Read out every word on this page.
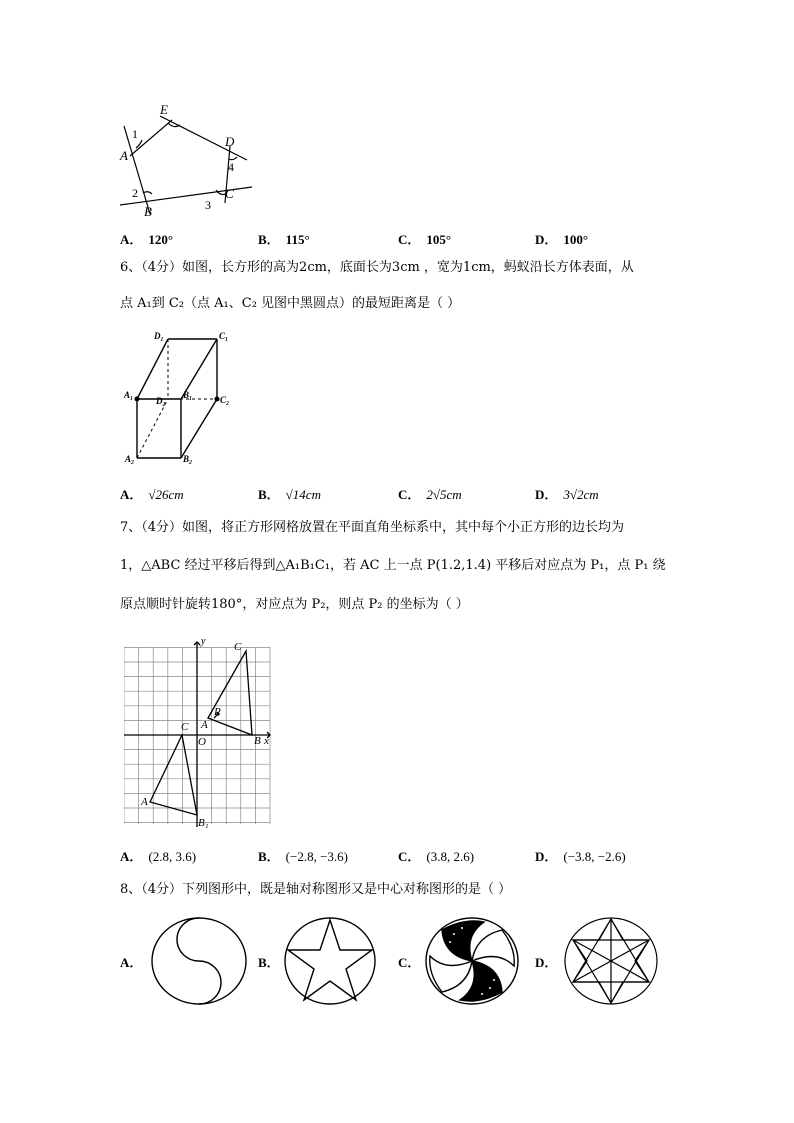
E
D
A
B
C
1
2
3
4
A． 120°	B． 115°	C． 105°	D． 100°
6、（4分）如图，长方形的高为2cm，底面长为3cm ，宽为1cm，蚂蚁沿长方体表面，从
点 A₁到 C₂（点 A₁、C₂ 见图中黑圆点）的最短距离是（ ）
D₁	C₁
A₁
D₂
B₁	C₂
A₂	B₂
A． √26cm	B． √14cm	C． 2√5cm	D． 3√2cm
7、（4分）如图，将正方形网格放置在平面直角坐标系中，其中每个小正方形的边长均为
1，△ABC 经过平移后得到△A₁B₁C₁，若 AC 上一点 P(1.2,1.4) 平移后对应点为 P₁，点 P₁ 绕
原点顺时针旋转180°，对应点为 P₂，则点 P₂ 的坐标为（ ）
y
x
C
A
P
O
C
B
A
B₁
A． (2.8, 3.6)	B． (−2.8, −3.6)	C． (3.8, 2.6)	D． (−3.8, −2.6)
8、（4分）下列图形中，既是轴对称图形又是中心对称图形的是（ ）
A．	B．	C．	D．
